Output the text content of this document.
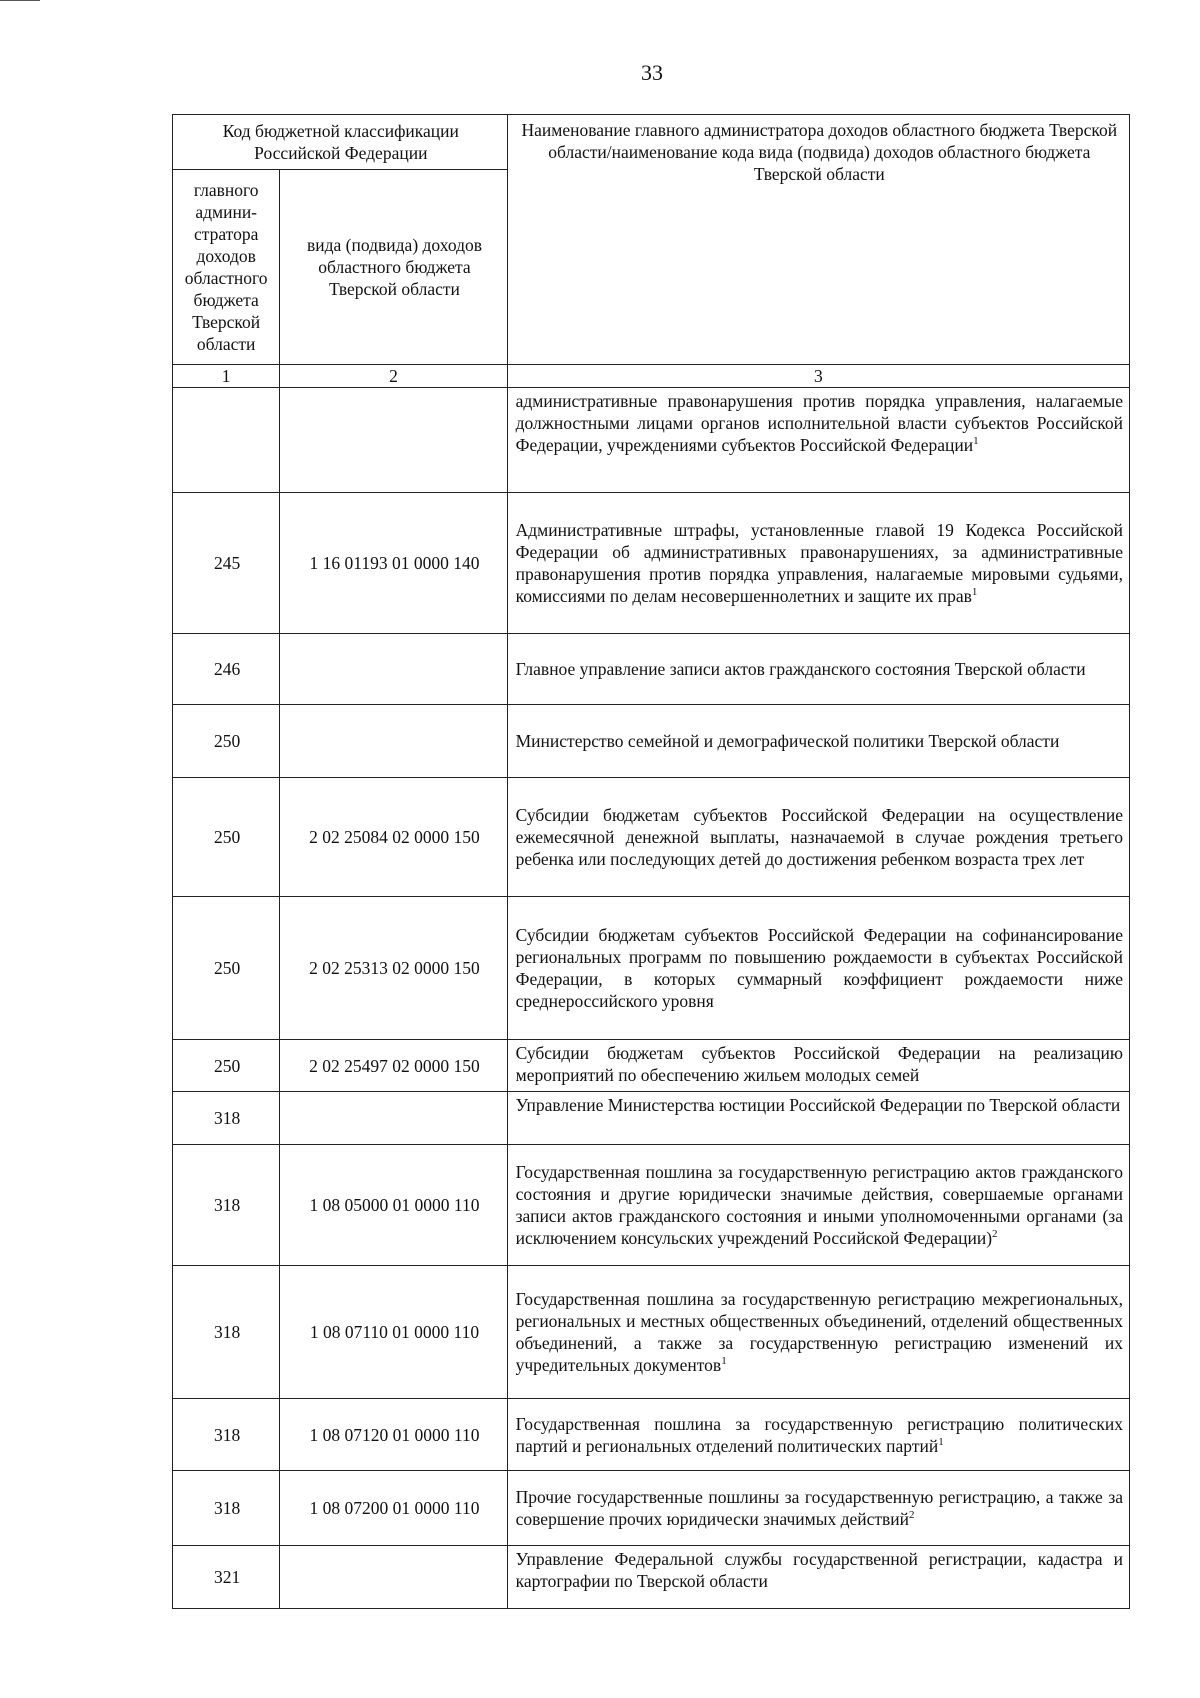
33
Код бюджетной классификации Российской Федерации		Наименование главного администратора доходов областного бюджета Тверской области/наименование кода вида (подвида) доходов областного бюджета Тверской области
главного админи-стратора доходов областного бюджета Тверской области	вида (подвида) доходов областного бюджета Тверской области	
1	2	3
		административные правонарушения против порядка управления, налагаемые должностными лицами органов исполнительной власти субъектов Российской Федерации, учреждениями субъектов Российской Федерации$^1$
245	1 16 01193 01 0000 140	Административные штрафы, установленные главой 19 Кодекса Российской Федерации об административных правонарушениях, за административные правонарушения против порядка управления, налагаемые мировыми судьями, комиссиями по делам несовершеннолетних и защите их прав$^1$
246		Главное управление записи актов гражданского состояния Тверской области
250		Министерство семейной и демографической политики Тверской области
250	2 02 25084 02 0000 150	Субсидии бюджетам субъектов Российской Федерации на осуществление ежемесячной денежной выплаты, назначаемой в случае рождения третьего ребенка или последующих детей до достижения ребенком возраста трех лет
250	2 02 25313 02 0000 150	Субсидии бюджетам субъектов Российской Федерации на софинансирование региональных программ по повышению рождаемости в субъектах Российской Федерации, в которых суммарный коэффициент рождаемости ниже среднероссийского уровня
250	2 02 25497 02 0000 150	Субсидии бюджетам субъектов Российской Федерации на реализацию мероприятий по обеспечению жильем молодых семей
318		Управление Министерства юстиции Российской Федерации по Тверской области
318	1 08 05000 01 0000 110	Государственная пошлина за государственную регистрацию актов гражданского состояния и другие юридически значимые действия, совершаемые органами записи актов гражданского состояния и иными уполномоченными органами (за исключением консульских учреждений Российской Федерации)$^2$
318	1 08 07110 01 0000 110	Государственная пошлина за государственную регистрацию межрегиональных, региональных и местных общественных объединений, отделений общественных объединений, а также за государственную регистрацию изменений их учредительных документов$^1$
318	1 08 07120 01 0000 110	Государственная пошлина за государственную регистрацию политических партий и региональных отделений политических партий$^1$
318	1 08 07200 01 0000 110	Прочие государственные пошлины за государственную регистрацию, а также за совершение прочих юридически значимых действий$^2$
321		Управление Федеральной службы государственной регистрации, кадастра и картографии по Тверской области
